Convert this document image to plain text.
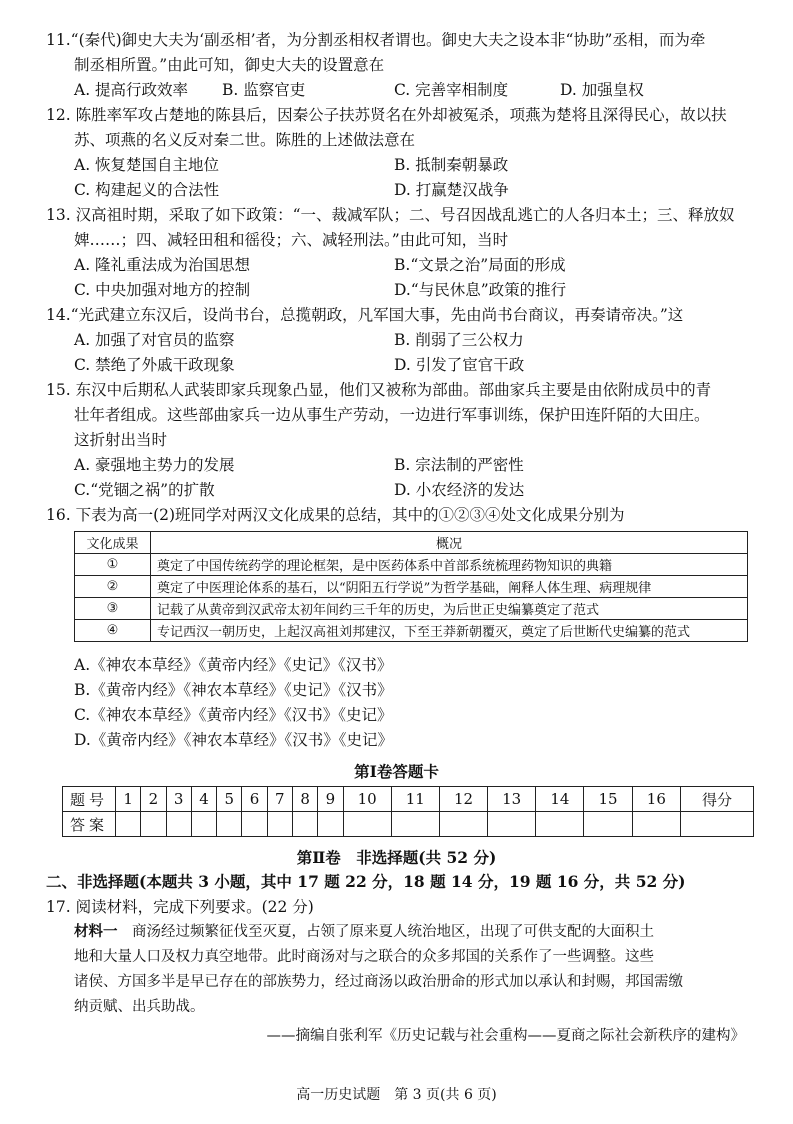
11.“(秦代)御史大夫为‘副丞相’者，为分割丞相权者谓也。御史大夫之设本非“协助”丞相，而为牵
制丞相所置。”由此可知，御史大夫的设置意在
A. 提高行政效率 B. 监察官吏	C. 完善宰相制度	D. 加强皇权
12. 陈胜率军攻占楚地的陈县后，因秦公子扶苏贤名在外却被冤杀，项燕为楚将且深得民心，故以扶
苏、项燕的名义反对秦二世。陈胜的上述做法意在
A. 恢复楚国自主地位	B. 抵制秦朝暴政
C. 构建起义的合法性	D. 打赢楚汉战争
13. 汉高祖时期，采取了如下政策：“一、裁减军队；二、号召因战乱逃亡的人各归本土；三、释放奴
婢……；四、减轻田租和徭役；六、减轻刑法。”由此可知，当时
A. 隆礼重法成为治国思想	B.“文景之治”局面的形成
C. 中央加强对地方的控制	D.“与民休息”政策的推行
14.“光武建立东汉后，设尚书台，总揽朝政，凡军国大事，先由尚书台商议，再奏请帝决。”这
A. 加强了对官员的监察	B. 削弱了三公权力
C. 禁绝了外戚干政现象	D. 引发了宦官干政
15. 东汉中后期私人武装即家兵现象凸显，他们又被称为部曲。部曲家兵主要是由依附成员中的青
壮年者组成。这些部曲家兵一边从事生产劳动，一边进行军事训练，保护田连阡陌的大田庄。
这折射出当时
A. 豪强地主势力的发展	B. 宗法制的严密性
C.“党锢之祸”的扩散	D. 小农经济的发达
16. 下表为高一(2)班同学对两汉文化成果的总结，其中的①②③④处文化成果分别为
文化成果	概况
①	奠定了中国传统药学的理论框架，是中医药体系中首部系统梳理药物知识的典籍
②	奠定了中医理论体系的基石，以“阴阳五行学说”为哲学基础，阐释人体生理、病理规律
③	记载了从黄帝到汉武帝太初年间约三千年的历史，为后世正史编纂奠定了范式
④	专记西汉一朝历史，上起汉高祖刘邦建汉，下至王莽新朝覆灭，奠定了后世断代史编纂的范式
A.《神农本草经》《黄帝内经》《史记》《汉书》
B.《黄帝内经》《神农本草经》《史记》《汉书》
C.《神农本草经》《黄帝内经》《汉书》《史记》
D.《黄帝内经》《神农本草经》《汉书》《史记》
第Ⅰ卷答题卡
题号	1	2	3	4	5	6	7	8	9	10	11	12	13	14	15	16	得分
答案																	
第Ⅱ卷　非选择题(共 52 分)
二、非选择题(本题共 3 小题，其中 17 题 22 分，18 题 14 分，19 题 16 分，共 52 分)
17. 阅读材料，完成下列要求。(22 分)
材料一　商汤经过频繁征伐至灭夏，占领了原来夏人统治地区，出现了可供支配的大面积土
地和大量人口及权力真空地带。此时商汤对与之联合的众多邦国的关系作了一些调整。这些
诸侯、方国多半是早已存在的部族势力，经过商汤以政治册命的形式加以承认和封赐，邦国需缴
纳贡赋、出兵助战。
——摘编自张利军《历史记载与社会重构——夏商之际社会新秩序的建构》
高一历史试题　第 3 页(共 6 页)
